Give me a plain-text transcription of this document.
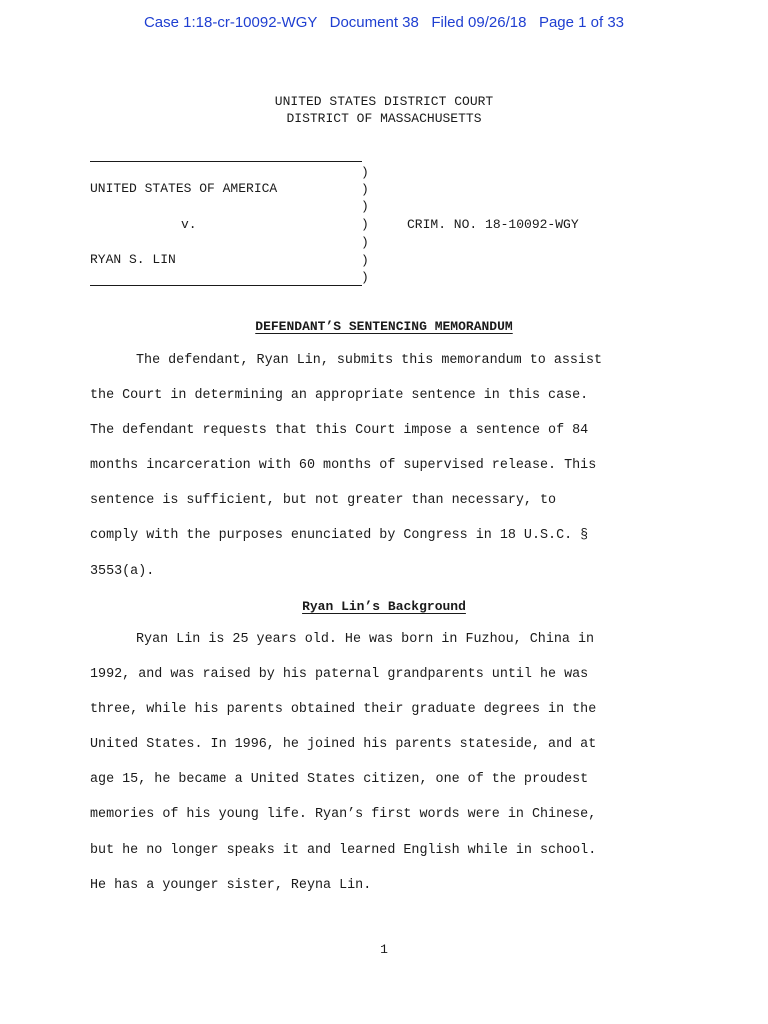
Case 1:18-cr-10092-WGY Document 38 Filed 09/26/18 Page 1 of 33
UNITED STATES DISTRICT COURT
DISTRICT OF MASSACHUSETTS
)
)
)
)
)
)
)
UNITED STATES OF AMERICA
v.
RYAN S. LIN
CRIM. NO. 18-10092-WGY
DEFENDANT’S SENTENCING MEMORANDUM
The defendant, Ryan Lin, submits this memorandum to assist
the Court in determining an appropriate sentence in this case.
The defendant requests that this Court impose a sentence of 84
months incarceration with 60 months of supervised release. This
sentence is sufficient, but not greater than necessary, to
comply with the purposes enunciated by Congress in 18 U.S.C. §
3553(a).
Ryan Lin’s Background
Ryan Lin is 25 years old. He was born in Fuzhou, China in
1992, and was raised by his paternal grandparents until he was
three, while his parents obtained their graduate degrees in the
United States. In 1996, he joined his parents stateside, and at
age 15, he became a United States citizen, one of the proudest
memories of his young life. Ryan’s first words were in Chinese,
but he no longer speaks it and learned English while in school.
He has a younger sister, Reyna Lin.
1
